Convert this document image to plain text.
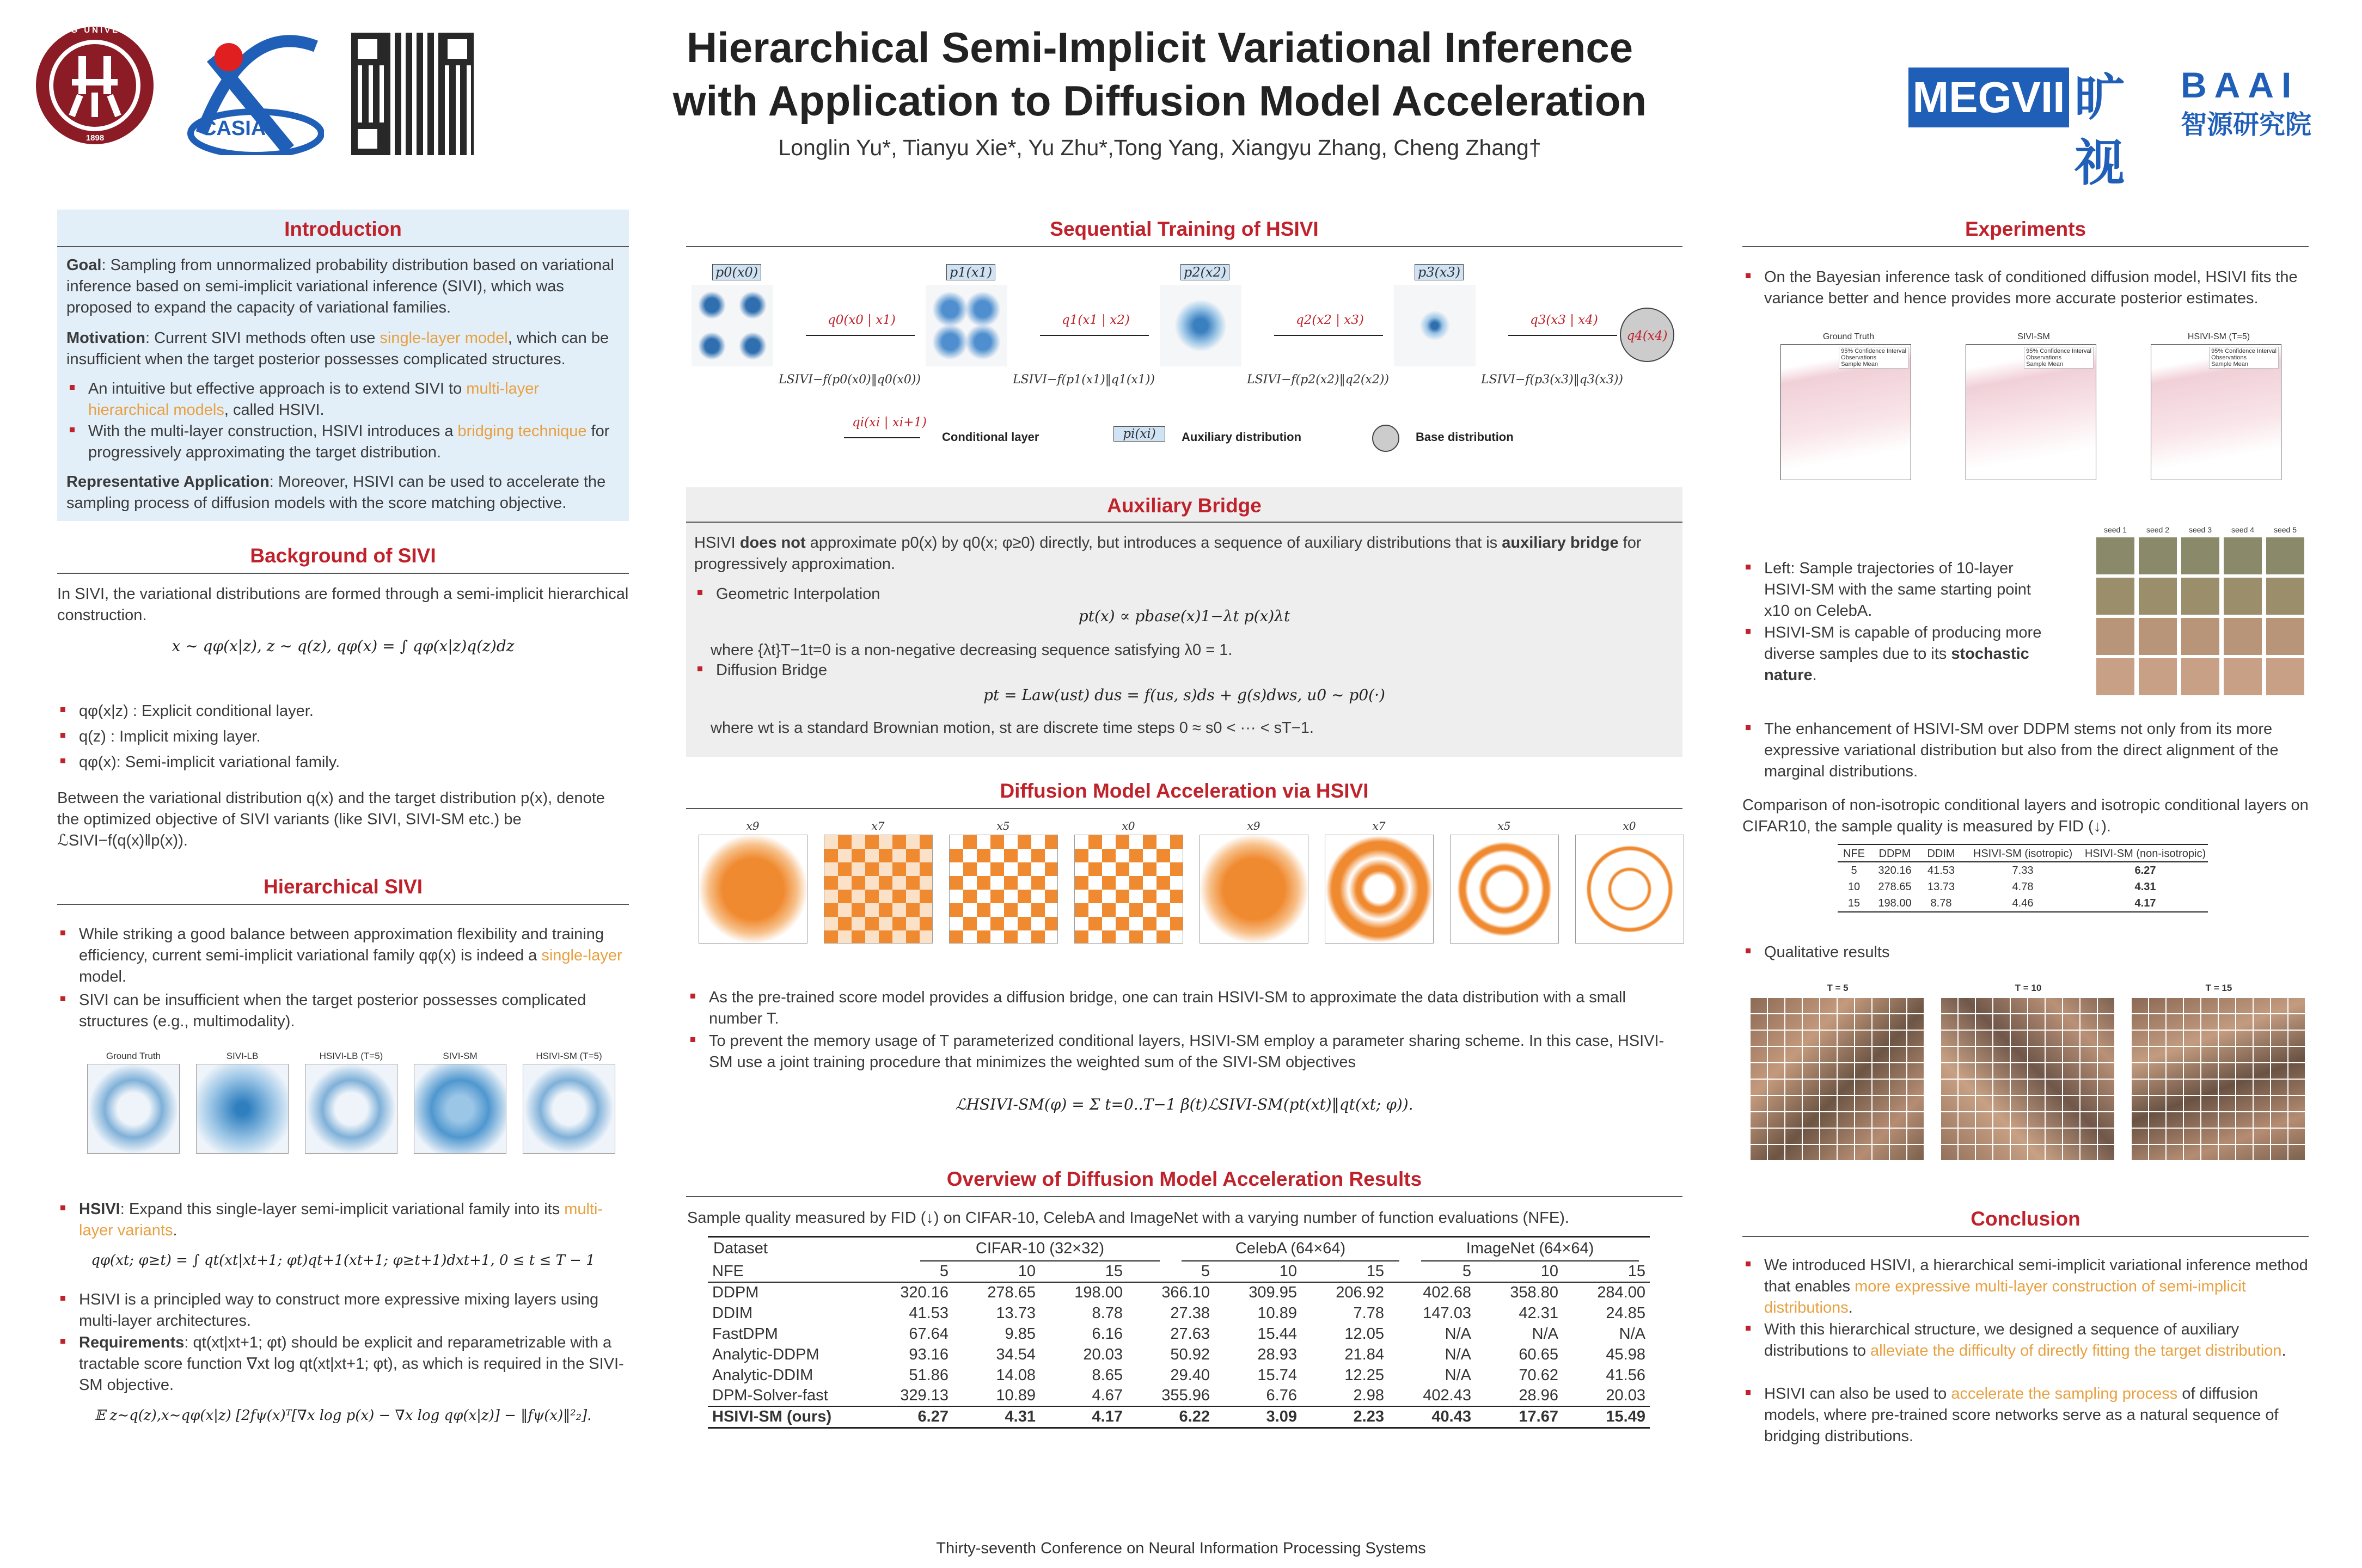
PEKING UNIVERSITY
1898	CASIA
Hierarchical Semi-Implicit Variational Inference
with Application to Diffusion Model Acceleration
Longlin Yu*, Tianyu Xie*, Yu Zhu*,Tong Yang, Xiangyu Zhang, Cheng Zhang†
MEGVII 旷视
BAAI
智源研究院
Introduction
Goal: Sampling from unnormalized probability distribution based on variational inference based on semi-implicit variational inference (SIVI), which was proposed to expand the capacity of variational families.
Motivation: Current SIVI methods often use single-layer model, which can be insufficient when the target posterior possesses complicated structures.
An intuitive but effective approach is to extend SIVI to multi-layer hierarchical models, called HSIVI.
With the multi-layer construction, HSIVI introduces a bridging technique for progressively approximating the target distribution.
Representative Application: Moreover, HSIVI can be used to accelerate the sampling process of diffusion models with the score matching objective.
Background of SIVI
In SIVI, the variational distributions are formed through a semi-implicit hierarchical construction.
x ∼ qφ(x|z), z ∼ q(z), qφ(x) = ∫ qφ(x|z)q(z)dz
qφ(x|z) : Explicit conditional layer.
q(z) : Implicit mixing layer.
qφ(x): Semi-implicit variational family.
Between the variational distribution q(x) and the target distribution p(x), denote the optimized objective of SIVI variants (like SIVI, SIVI-SM etc.) be ℒSIVI−f(q(x)‖p(x)).
Hierarchical SIVI
While striking a good balance between approximation flexibility and training efficiency, current semi-implicit variational family qφ(x) is indeed a single-layer model.
SIVI can be insufficient when the target posterior possesses complicated structures (e.g., multimodality).
Ground Truth	SIVI-LB	HSIVI-LB (T=5)	SIVI-SM	HSIVI-SM (T=5)
HSIVI: Expand this single-layer semi-implicit variational family into its multi-layer variants.
qφ(xt; φ≥t) = ∫ qt(xt|xt+1; φt)qt+1(xt+1; φ≥t+1)dxt+1, 0 ≤ t ≤ T − 1
HSIVI is a principled way to construct more expressive mixing layers using multi-layer architectures.
Requirements: qt(xt|xt+1; φt) should be explicit and reparametrizable with a tractable score function ∇xt log qt(xt|xt+1; φt), as which is required in the SIVI-SM objective.
𝔼 z∼q(z),x∼qφ(x|z) [2fψ(x)ᵀ[∇x log p(x) − ∇x log qφ(x|z)] − ‖fψ(x)‖²₂].
Sequential Training of HSIVI
p0(x0)	p1(x1)	p2(x2)	p3(x3)
q0(x0 | x1)	q1(x1 | x2)	q2(x2 | x3)	q3(x3 | x4)
q4(x4)
LSIVI−f(p0(x0)‖q0(x0))	LSIVI−f(p1(x1)‖q1(x1))	LSIVI−f(p2(x2)‖q2(x2))	LSIVI−f(p3(x3)‖q3(x3))
qi(xi | xi+1)
Conditional layer	pi(xi)	Auxiliary distribution	Base distribution
Auxiliary Bridge
HSIVI does not approximate p0(x) by q0(x; φ≥0) directly, but introduces a sequence of auxiliary distributions that is auxiliary bridge for progressively approximation.
Geometric Interpolation
pt(x) ∝ pbase(x)1−λt p(x)λt
where {λt}T−1t=0 is a non-negative decreasing sequence satisfying λ0 = 1.
Diffusion Bridge
pt = Law(ust) dus = f(us, s)ds + g(s)dws, u0 ∼ p0(·)
where wt is a standard Brownian motion, st are discrete time steps 0 ≈ s0 < ··· < sT−1.
Diffusion Model Acceleration via HSIVI
x9	x7	x5	x0	x9	x7	x5	x0
As the pre-trained score model provides a diffusion bridge, one can train HSIVI-SM to approximate the data distribution with a small number T.
To prevent the memory usage of T parameterized conditional layers, HSIVI-SM employ a parameter sharing scheme. In this case, HSIVI-SM use a joint training procedure that minimizes the weighted sum of the SIVI-SM objectives
ℒHSIVI-SM(φ) = Σ t=0..T−1 β(t)ℒSIVI-SM(pt(xt)‖qt(xt; φ)).
Overview of Diffusion Model Acceleration Results
Sample quality measured by FID (↓) on CIFAR-10, CelebA and ImageNet with a varying number of function evaluations (NFE).
Dataset	CIFAR-10 (32×32)	CelebA (64×64)	ImageNet (64×64)
NFE	5	10	15	5	10	15	5	10	15
DDPM	320.16	278.65	198.00	366.10	309.95	206.92	402.68	358.80	284.00
DDIM	41.53	13.73	8.78	27.38	10.89	7.78	147.03	42.31	24.85
FastDPM	67.64	9.85	6.16	27.63	15.44	12.05	N/A	N/A	N/A
Analytic-DDPM	93.16	34.54	20.03	50.92	28.93	21.84	N/A	60.65	45.98
Analytic-DDIM	51.86	14.08	8.65	29.40	15.74	12.25	N/A	70.62	41.56
DPM-Solver-fast	329.13	10.89	4.67	355.96	6.76	2.98	402.43	28.96	20.03
HSIVI-SM (ours)	6.27	4.31	4.17	6.22	3.09	2.23	40.43	17.67	15.49
Experiments
On the Bayesian inference task of conditioned diffusion model, HSIVI fits the variance better and hence provides more accurate posterior estimates.
Ground Truth
95% Confidence Interval
Observations
Sample Mean
SIVI-SM
95% Confidence Interval
Observations
Sample Mean
HSIVI-SM (T=5)
95% Confidence Interval
Observations
Sample Mean
Left: Sample trajectories of 10-layer HSIVI-SM with the same starting point x10 on CelebA.
HSIVI-SM is capable of producing more diverse samples due to its stochastic nature.
seed 1	seed 2	seed 3	seed 4	seed 5
The enhancement of HSIVI-SM over DDPM stems not only from its more expressive variational distribution but also from the direct alignment of the marginal distributions.
Comparison of non-isotropic conditional layers and isotropic conditional layers on CIFAR10, the sample quality is measured by FID (↓).
NFE	DDPM	DDIM	HSIVI-SM (isotropic)	HSIVI-SM (non-isotropic)
5	320.16	41.53	7.33	6.27
10	278.65	13.73	4.78	4.31
15	198.00	8.78	4.46	4.17
Qualitative results
T = 5	T = 10	T = 15
Conclusion
We introduced HSIVI, a hierarchical semi-implicit variational inference method that enables more expressive multi-layer construction of semi-implicit distributions.
With this hierarchical structure, we designed a sequence of auxiliary distributions to alleviate the difficulty of directly fitting the target distribution.
HSIVI can also be used to accelerate the sampling process of diffusion models, where pre-trained score networks serve as a natural sequence of bridging distributions.
Thirty-seventh Conference on Neural Information Processing Systems
